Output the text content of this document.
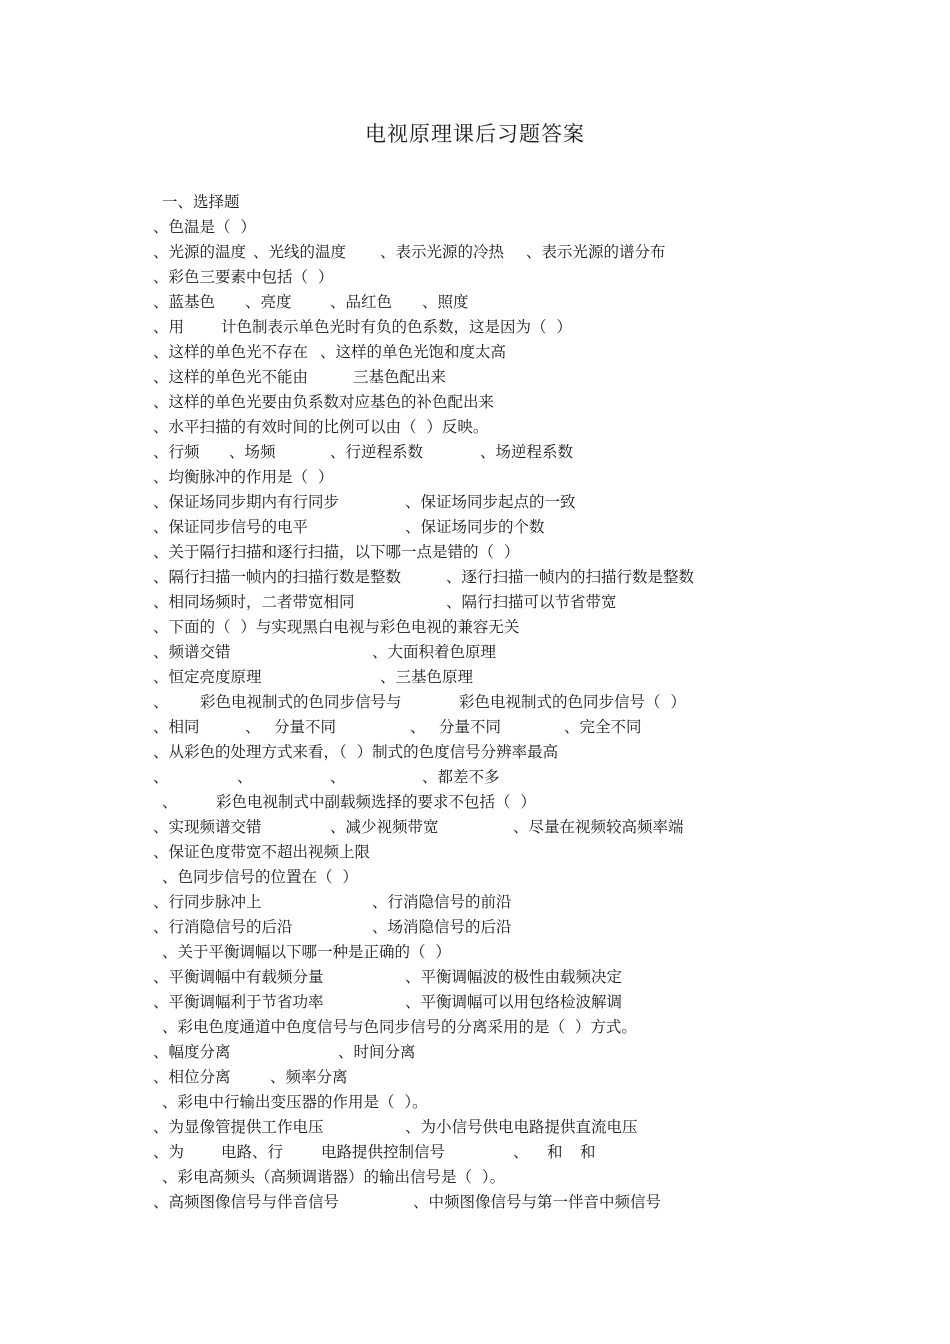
电视原理课后习题答案
一、选择题
、色温是（  ）
、光源的温度 、光线的温度 、表示光源的冷热 、表示光源的谱分布
、彩色三要素中包括（  ）
、蓝基色 、亮度 、品红色 、照度
、用 计色制表示单色光时有负的色系数，这是因为（  ）
、这样的单色光不存在 、这样的单色光饱和度太高
、这样的单色光不能由	三基色配出来
、这样的单色光要由负系数对应基色的补色配出来
、水平扫描的有效时间的比例可以由（  ）反映。
、行频 、场频	、行逆程系数	、场逆程系数
、均衡脉冲的作用是（  ）
、保证场同步期内有行同步	、保证场同步起点的一致
、保证同步信号的电平	、保证场同步的个数
、关于隔行扫描和逐行扫描，以下哪一点是错的（  ）
、隔行扫描一帧内的扫描行数是整数	、逐行扫描一帧内的扫描行数是整数
、相同场频时，二者带宽相同	、隔行扫描可以节省带宽
、下面的（  ）与实现黑白电视与彩色电视的兼容无关
、频谱交错	、大面积着色原理
、恒定亮度原理	、三基色原理
、 彩色电视制式的色同步信号与	彩色电视制式的色同步信号（  ）
、相同	、 分量不同	、 分量不同	、完全不同
、从彩色的处理方式来看，（  ）制式的色度信号分辨率最高
、	、	、	、都差不多
、 彩色电视制式中副载频选择的要求不包括（  ）
、实现频谱交错	、减少视频带宽	、尽量在视频较高频率端
、保证色度带宽不超出视频上限
、色同步信号的位置在（  ）
、行同步脉冲上	、行消隐信号的前沿
、行消隐信号的后沿	、场消隐信号的后沿
、关于平衡调幅以下哪一种是正确的（  ）
、平衡调幅中有载频分量	、平衡调幅波的极性由载频决定
、平衡调幅利于节省功率	、平衡调幅可以用包络检波解调
、彩电色度通道中色度信号与色同步信号的分离采用的是（  ）方式。
、幅度分离	、时间分离
、相位分离	、频率分离
、彩电中行输出变压器的作用是（  ）。
、为显像管提供工作电压	、为小信号供电电路提供直流电压
、为 电路、行 电路提供控制信号	、 和 和
、彩电高频头（高频调谐器）的输出信号是（  ）。
、高频图像信号与伴音信号	、中频图像信号与第一伴音中频信号
